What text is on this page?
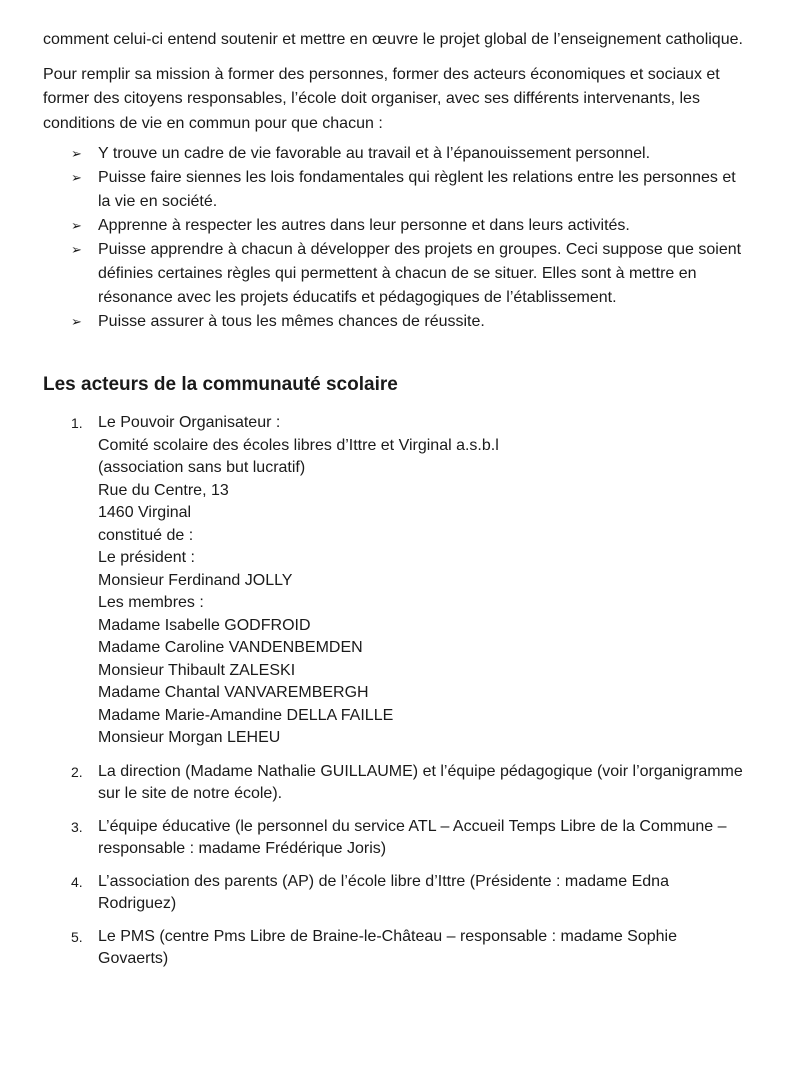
comment celui-ci entend soutenir et mettre en œuvre le projet global de l’enseignement catholique.

Pour remplir sa mission à former des personnes, former des acteurs économiques et sociaux et former des citoyens responsables, l’école doit organiser, avec ses différents intervenants, les conditions de vie en commun pour que chacun :

➢ Y trouve un cadre de vie favorable au travail et à l’épanouissement personnel.
➢ Puisse faire siennes les lois fondamentales qui règlent les relations entre les personnes et la vie en société.
➢ Apprenne à respecter les autres dans leur personne et dans leurs activités.
➢ Puisse apprendre à chacun à développer des projets en groupes. Ceci suppose que soient définies certaines règles qui permettent à chacun de se situer. Elles sont à mettre en résonance avec les projets éducatifs et pédagogiques de l’établissement.
➢ Puisse assurer à tous les mêmes chances de réussite.
Les acteurs de la communauté scolaire
1. Le Pouvoir Organisateur :
Comité scolaire des écoles libres d’Ittre et Virginal a.s.b.l
(association sans but lucratif)
Rue du Centre, 13
1460 Virginal
constitué de :
Le président :
Monsieur Ferdinand JOLLY
Les membres :
Madame Isabelle GODFROID
Madame Caroline VANDENBEMDEN
Monsieur Thibault ZALESKI
Madame Chantal VANVAREMBERGH
Madame Marie-Amandine DELLA FAILLE
Monsieur Morgan LEHEU
2. La direction (Madame Nathalie GUILLAUME) et l’équipe pédagogique (voir l’organigramme sur le site de notre école).
3. L’équipe éducative (le personnel du service ATL – Accueil Temps Libre de la Commune – responsable : madame Frédérique Joris)
4. L’association des parents (AP) de l’école libre d’Ittre (Présidente : madame Edna Rodriguez)
5. Le PMS (centre Pms Libre de Braine-le-Château – responsable : madame Sophie Govaerts)
